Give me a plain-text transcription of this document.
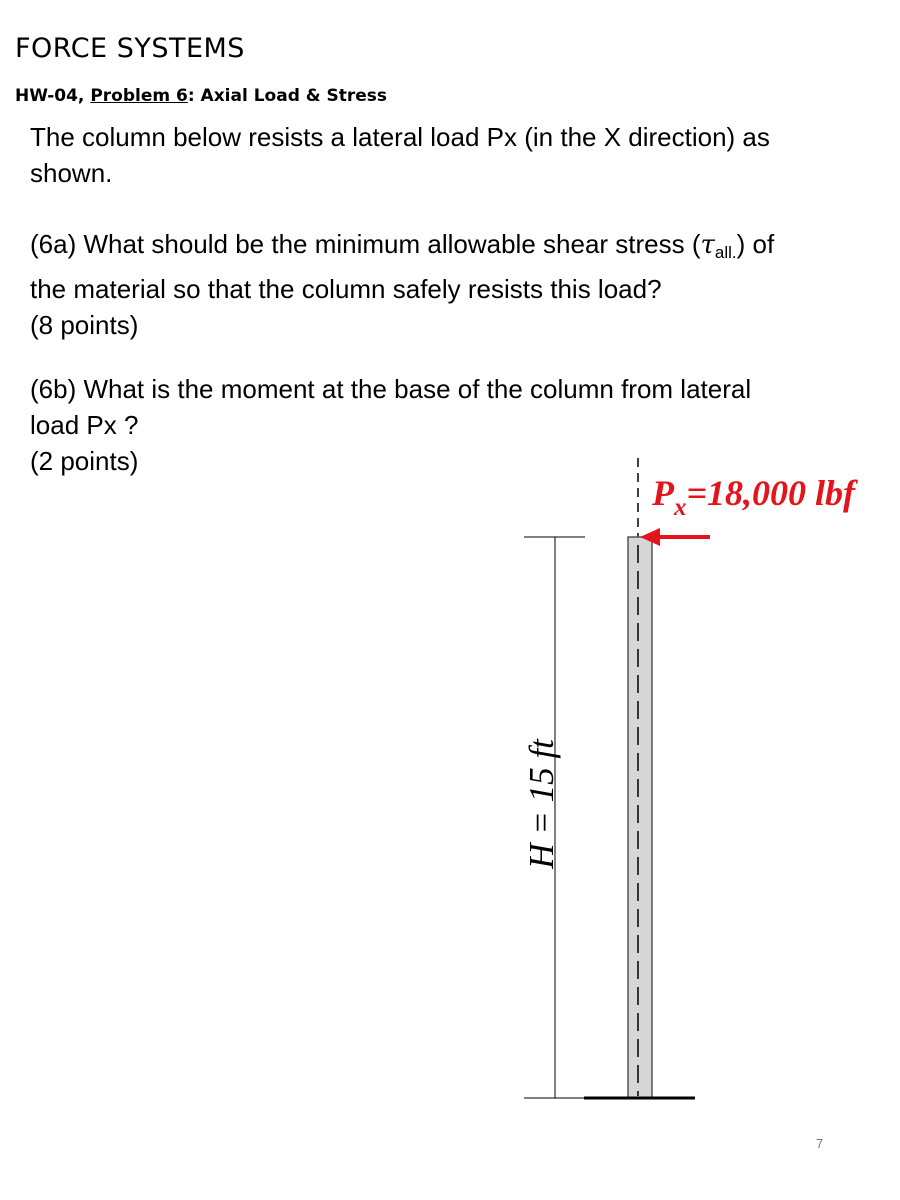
FORCE SYSTEMS
HW-04, Problem 6: Axial Load & Stress

The column below resists a lateral load Px (in the X direction) as
shown.

(6a) What should be the minimum allowable shear stress (τall.) of
the material so that the column safely resists this load?
(8 points)

(6b) What is the moment at the base of the column from lateral
load Px ?
(2 points)

$P_x=18,000$ lbf
H = 15 ft
7
